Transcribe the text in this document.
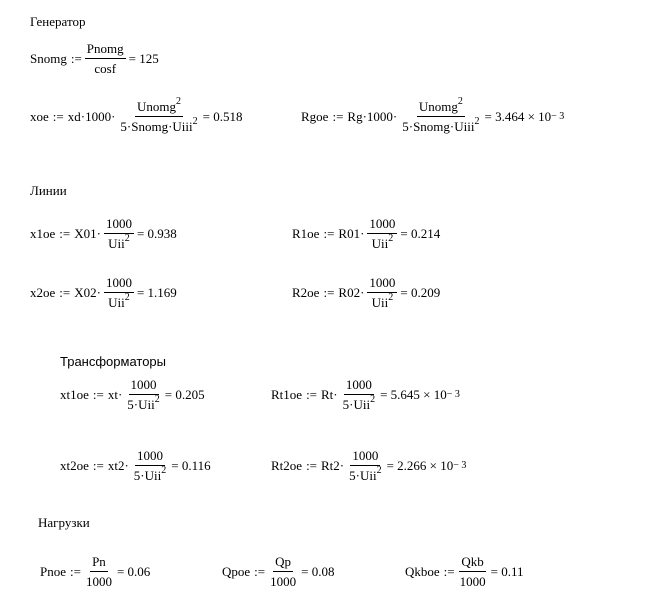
Генератор
Линии
Трансформаторы
Нагрузки
Snomg := $\frac{\text{Pnomg}}{\cos f} = 125$
xoe := $xd\cdot 1000\cdot \frac{Unomg^2}{5\cdot Snomg\cdot Uiii^2} = 0.518$	Rgoe := $Rg\cdot 1000\cdot \frac{Unomg^2}{5\cdot Snomg\cdot Uiii^2} = 3.464 \times 10 - 3$
x1oe := $X01\cdot \frac{1000}{Uii^2} = 0.938$	R1oe := $R01\cdot \frac{1000}{Uii^2} = 0.214$
x2oe := $X02\cdot \frac{1000}{Uii^2} = 1.169$	R2oe := $R02\cdot \frac{1000}{Uii^2} = 0.209$
xt1oe := $xt\cdot \frac{1000}{5\cdot Uii^2} = 0.205$	Rt1oe := $Rt\cdot \frac{1000}{5\cdot Uii^2} = 5.645 \times 10 - 3$
xt2oe := $xt2\cdot \frac{1000}{5\cdot Uii^2} = 0.116$	Rt2oe := $Rt2\cdot \frac{1000}{5\cdot Uii^2} = 2.266 \times 10 - 3$
Pnoe := $\frac{Pn}{1000} = 0.06$	Qpoe := $\frac{Qp}{1000} = 0.08$	Qkboe := $\frac{\text{Qkb}}{1000} = 0.11$
